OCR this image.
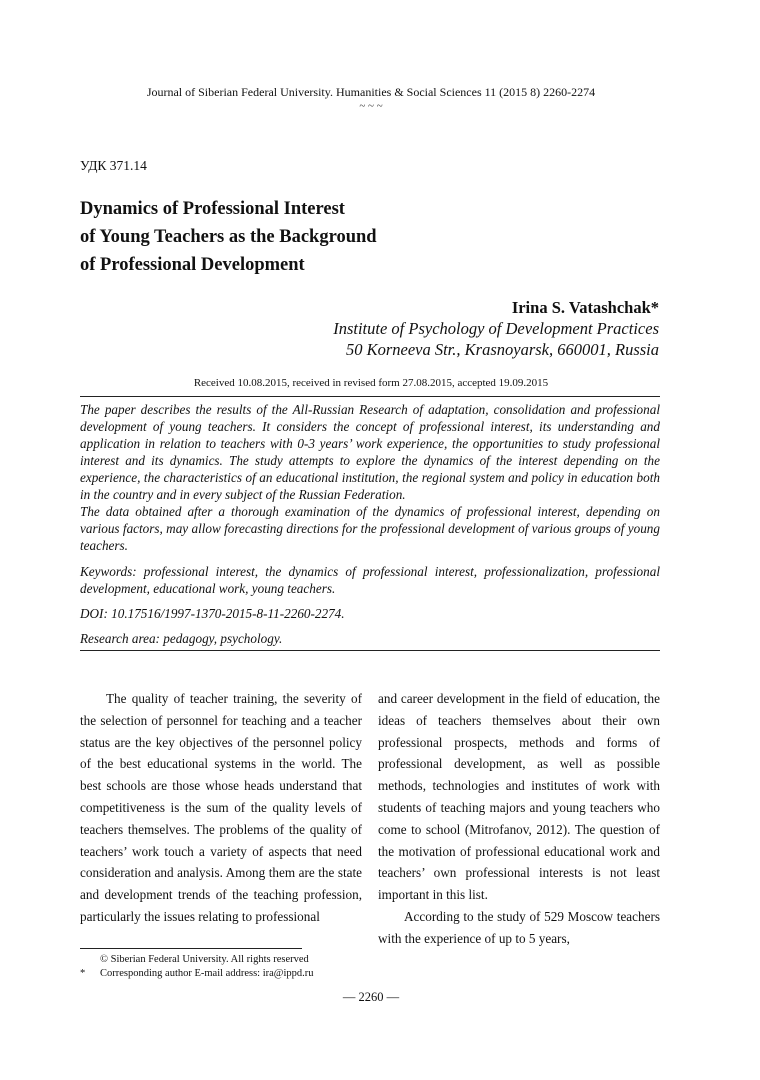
Journal of Siberian Federal University. Humanities & Social Sciences 11 (2015 8) 2260-2274
~ ~ ~
УДК 371.14
Dynamics of Professional Interest
of Young Teachers as the Background
of Professional Development
Irina S. Vatashchak*
Institute of Psychology of Development Practices
50 Korneeva Str., Krasnoyarsk, 660001, Russia
Received 10.08.2015, received in revised form 27.08.2015, accepted 19.09.2015

The paper describes the results of the All-Russian Research of adaptation, consolidation and professional development of young teachers. It considers the concept of professional interest, its understanding and application in relation to teachers with 0-3 years’ work experience, the opportunities to study professional interest and its dynamics. The study attempts to explore the dynamics of the interest depending on the experience, the characteristics of an educational institution, the regional system and policy in education both in the country and in every subject of the Russian Federation.

The data obtained after a thorough examination of the dynamics of professional interest, depending on various factors, may allow forecasting directions for the professional development of various groups of young teachers.

Keywords: professional interest, the dynamics of professional interest, professionalization, professional development, educational work, young teachers.
DOI: 10.17516/1997-1370-2015-8-11-2260-2274.
Research area: pedagogy, psychology.

The quality of teacher training, the severity of the selection of personnel for teaching and a teacher status are the key objectives of the personnel policy of the best educational systems in the world. The best schools are those whose heads understand that competitiveness is the sum of the quality levels of teachers themselves. The problems of the quality of teachers’ work touch a variety of aspects that need consideration and analysis. Among them are the state and development trends of the teaching profession, particularly the issues relating to professional

and career development in the field of education, the ideas of teachers themselves about their own professional prospects, methods and forms of professional development, as well as possible methods, technologies and institutes of work with students of teaching majors and young teachers who come to school (Mitrofanov, 2012). The question of the motivation of professional educational work and teachers’ own professional interests is not least important in this list.

According to the study of 529 Moscow teachers with the experience of up to 5 years,

© Siberian Federal University. All rights reserved
* Corresponding author E-mail address: ira@ippd.ru
— 2260 —
